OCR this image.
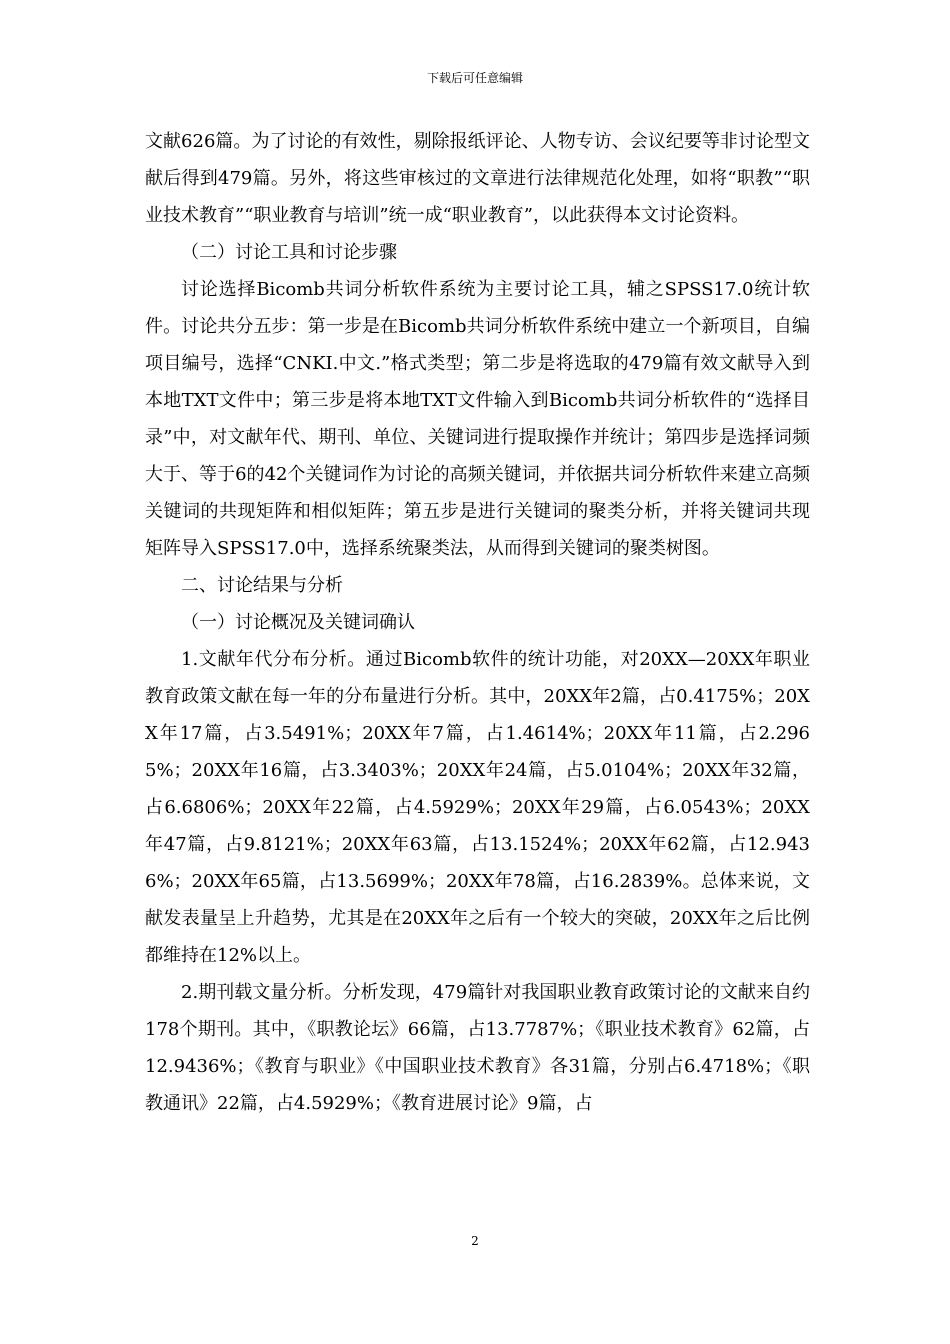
下载后可任意编辑

文献626篇。为了讨论的有效性，剔除报纸评论、人物专访、会议纪要等非讨论型文献后得到479篇。另外，将这些审核过的文章进行法律规范化处理，如将“职教”“职业技术教育”“职业教育与培训”统一成“职业教育”，以此获得本文讨论资料。

（二）讨论工具和讨论步骤

讨论选择Bicomb共词分析软件系统为主要讨论工具，辅之SPSS17.0统计软件。讨论共分五步：第一步是在Bicomb共词分析软件系统中建立一个新项目，自编项目编号，选择“CNKI.中文.”格式类型；第二步是将选取的479篇有效文献导入到本地TXT文件中；第三步是将本地TXT文件输入到Bicomb共词分析软件的“选择目录”中，对文献年代、期刊、单位、关键词进行提取操作并统计；第四步是选择词频大于、等于6的42个关键词作为讨论的高频关键词，并依据共词分析软件来建立高频关键词的共现矩阵和相似矩阵；第五步是进行关键词的聚类分析，并将关键词共现矩阵导入SPSS17.0中，选择系统聚类法，从而得到关键词的聚类树图。

二、讨论结果与分析

（一）讨论概况及关键词确认

1.文献年代分布分析。通过Bicomb软件的统计功能，对20XX—20XX年职业教育政策文献在每一年的分布量进行分析。其中，20XX年2篇，占0.4175%；20XX年17篇，占3.5491%；20XX年7篇，占1.4614%；20XX年11篇，占2.2965%；20XX年16篇，占3.3403%；20XX年24篇，占5.0104%；20XX年32篇，占6.6806%；20XX年22篇，占4.5929%；20XX年29篇，占6.0543%；20XX年47篇，占9.8121%；20XX年63篇，占13.1524%；20XX年62篇，占12.9436%；20XX年65篇，占13.5699%；20XX年78篇，占16.2839%。总体来说，文献发表量呈上升趋势，尤其是在20XX年之后有一个较大的突破，20XX年之后比例都维持在12%以上。

2.期刊载文量分析。分析发现，479篇针对我国职业教育政策讨论的文献来自约178个期刊。其中，《职教论坛》66篇，占13.7787%；《职业技术教育》62篇，占12.9436%；《教育与职业》《中国职业技术教育》各31篇，分别占6.4718%；《职教通讯》22篇，占4.5929%；《教育进展讨论》9篇，占

2
